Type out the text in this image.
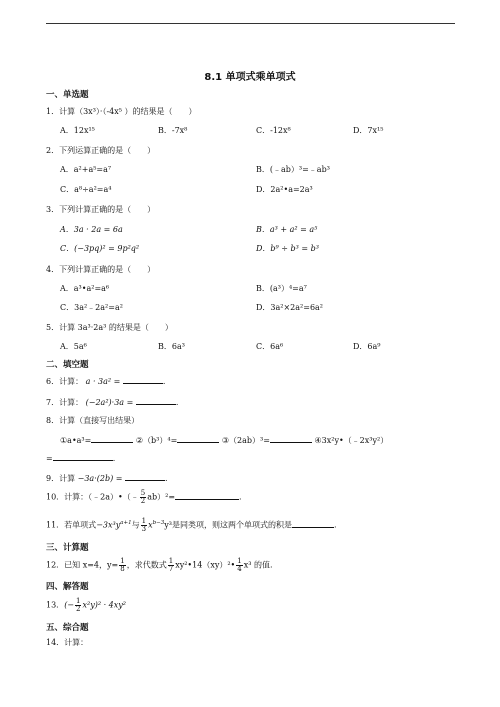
8.1 单项式乘单项式
一、单选题
1．计算（3x³）·（-4x⁵ ）的结果是（　　）
A．12x¹⁵	B．-7x⁸	C．-12x⁸	D．7x¹⁵
2．下列运算正确的是（　　）
A．a²+a⁵=a⁷	B．(﹣ab）³=﹣ab³
C．a⁸÷a²=a⁴	D．2a²•a=2a³
3．下列计算正确的是（　　）
A．3a · 2a = 6a	B．a³ + a² = a⁵
C．(−3pq)² = 9p²q²	D．b⁹ ÷ b³ = b³
4．下列计算正确的是（　　）
A．a³•a²=a⁶	B．(a³）⁴=a⁷
C．3a²﹣2a²=a²	D．3a²×2a²=6a²
5．计算 3a³·2a³ 的结果是（　　）
A．5a⁶	B．6a³	C．6a⁶	D．6a⁹
二、填空题
6．计算： a · 3a² =	.
7．计算： (−2a²)·3a =	.
8．计算（直接写出结果）
①a•a³=	②（b³）⁴=	③（2ab）³=	④3x²y•（﹣2x³y²）
=	.
9．计算 −3a·(2b) =	.
10．计算：（﹣2a）•（﹣ $\frac{5}{2} ab)^2=$	.
11．若单项式$-3x^3y^{a+1}$与 $\frac{1}{3} x^{b-3}y^3$是同类项，则这两个单项式的积是	.
三、计算题
12．已知 x=4，$y= \frac{1}{8}$ ，求代数式 $\frac{1}{7}$ xy²•14（xy）²• $\frac{1}{4} x^3$ 的值.
四、解答题
13．(− $\frac{1}{2} x^2y)^2 \cdot 4xy^2$
五、综合题
14．计算：
